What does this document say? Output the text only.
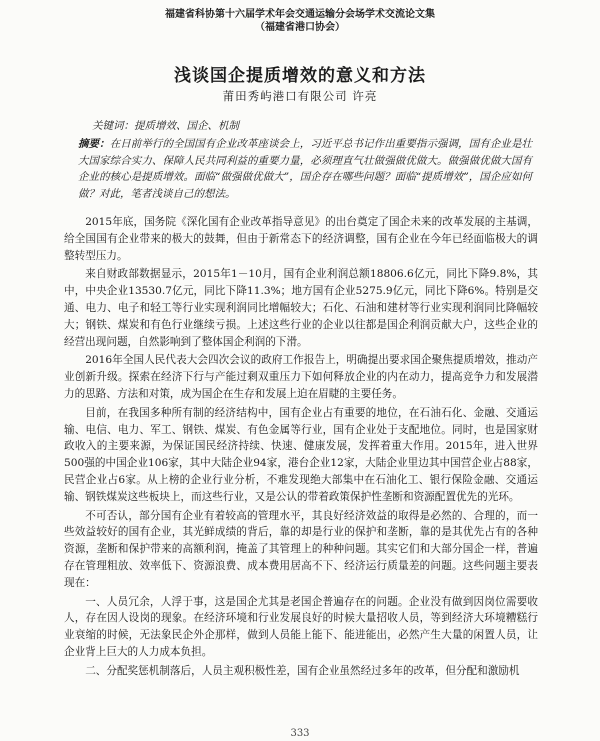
福建省科协第十六届学术年会交通运输分会场学术交流论文集
（福建省港口协会）
浅谈国企提质增效的意义和方法
莆田秀屿港口有限公司 许亮
关键词：提质增效、国企、机制
摘要：在日前举行的全国国有企业改革座谈会上，习近平总书记作出重要指示强调，国有企业是壮大国家综合实力、保障人民共同利益的重要力量，必须理直气壮做强做优做大。做强做优做大国有企业的核心是提质增效。面临“做强做优做大”，国企存在哪些问题？面临“提质增效”，国企应如何做？对此，笔者浅谈自己的想法。

2015年底，国务院《深化国有企业改革指导意见》的出台奠定了国企未来的改革发展的主基调，给全国国有企业带来的极大的鼓舞，但由于新常态下的经济调整，国有企业在今年已经面临极大的调整转型压力。

来自财政部数据显示，2015年1－10月，国有企业利润总额18806.6亿元，同比下降9.8%，其中，中央企业13530.7亿元，同比下降11.3%；地方国有企业5275.9亿元，同比下降6%。特别是交通、电力、电子和轻工等行业实现利润同比增幅较大；石化、石油和建材等行业实现利润同比降幅较大；钢铁、煤炭和有色行业继续亏损。上述这些行业的企业以往都是国企利润贡献大户，这些企业的经营出现问题，自然影响到了整体国企利润的下滑。

2016年全国人民代表大会四次会议的政府工作报告上，明确提出要求国企聚焦提质增效，推动产业创新升级。探索在经济下行与产能过剩双重压力下如何释放企业的内在动力，提高竞争力和发展潜力的思路、方法和对策，成为国企在生存和发展上迫在眉睫的主要任务。

目前，在我国多种所有制的经济结构中，国有企业占有重要的地位，在石油石化、金融、交通运输、电信、电力、军工、钢铁、煤炭、有色金属等行业，国有企业处于支配地位。同时，也是国家财政收入的主要来源，为保证国民经济持续、快速、健康发展，发挥着重大作用。2015年，进入世界500强的中国企业106家，其中大陆企业94家，港台企业12家，大陆企业里边其中国营企业占88家，民营企业占6家。从上榜的企业行业分析，不难发现绝大部集中在石油化工、银行保险金融、交通运输、钢铁煤炭这些板块上，而这些行业，又是公认的带着政策保护性垄断和资源配置优先的光环。

不可否认，部分国有企业有着较高的管理水平，其良好经济效益的取得是必然的、合理的，而一些效益较好的国有企业，其光鲜成绩的背后，靠的却是行业的保护和垄断，靠的是其优先占有的各种资源，垄断和保护带来的高额利润，掩盖了其管理上的种种问题。其实它们和大部分国企一样，普遍存在管理粗放、效率低下、资源浪费、成本费用居高不下、经济运行质量差的问题。这些问题主要表现在：

一、人员冗余，人浮于事，这是国企尤其是老国企普遍存在的问题。企业没有做到因岗位需要收人，存在因人设岗的现象。在经济环境和行业发展良好的时候大量招收人员，等到经济大环境糟糕行业衰缩的时候，无法象民企外企那样，做到人员能上能下、能进能出，必然产生大量的闲置人员，让企业背上巨大的人力成本负担。

二、分配奖惩机制落后，人员主观积极性差，国有企业虽然经过多年的改革，但分配和激励机

333
